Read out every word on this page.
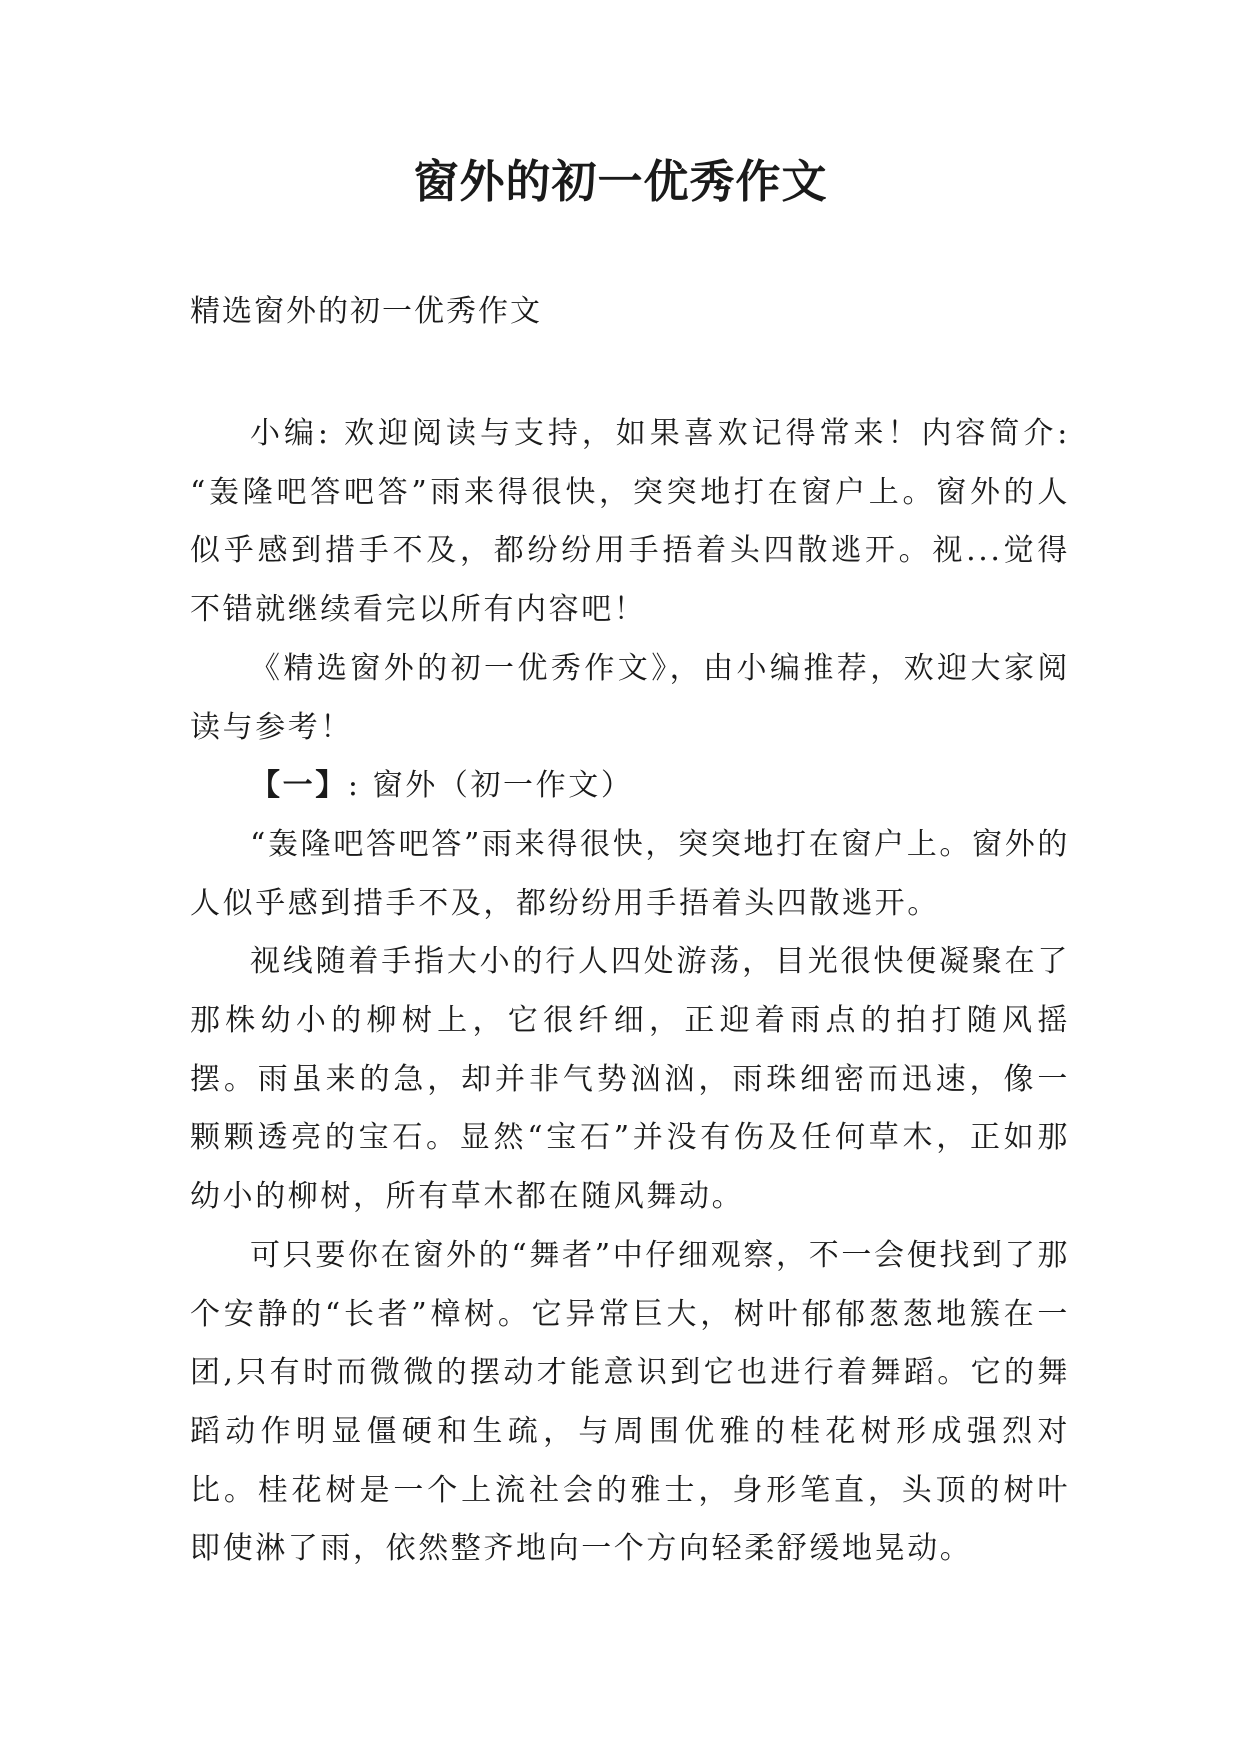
窗外的初一优秀作文

精选窗外的初一优秀作文

小编: 欢迎阅读与支持，如果喜欢记得常来！内容简介: “轰隆吧答吧答”雨来得很快，突突地打在窗户上。窗外的人似乎感到措手不及，都纷纷用手捂着头四散逃开。视...觉得不错就继续看完以所有内容吧！

《精选窗外的初一优秀作文》，由小编推荐，欢迎大家阅读与参考！

【一】: 窗外（初一作文）

“轰隆吧答吧答”雨来得很快，突突地打在窗户上。窗外的人似乎感到措手不及，都纷纷用手捂着头四散逃开。

视线随着手指大小的行人四处游荡，目光很快便凝聚在了那株幼小的柳树上，它很纤细，正迎着雨点的拍打随风摇摆。雨虽来的急，却并非气势汹汹，雨珠细密而迅速，像一颗颗透亮的宝石。显然“宝石”并没有伤及任何草木，正如那幼小的柳树，所有草木都在随风舞动。

可只要你在窗外的“舞者”中仔细观察，不一会便找到了那个安静的“长者”樟树。它异常巨大，树叶郁郁葱葱地簇在一团,只有时而微微的摆动才能意识到它也进行着舞蹈。它的舞蹈动作明显僵硬和生疏，与周围优雅的桂花树形成强烈对比。桂花树是一个上流社会的雅士，身形笔直，头顶的树叶即使淋了雨，依然整齐地向一个方向轻柔舒缓地晃动。
